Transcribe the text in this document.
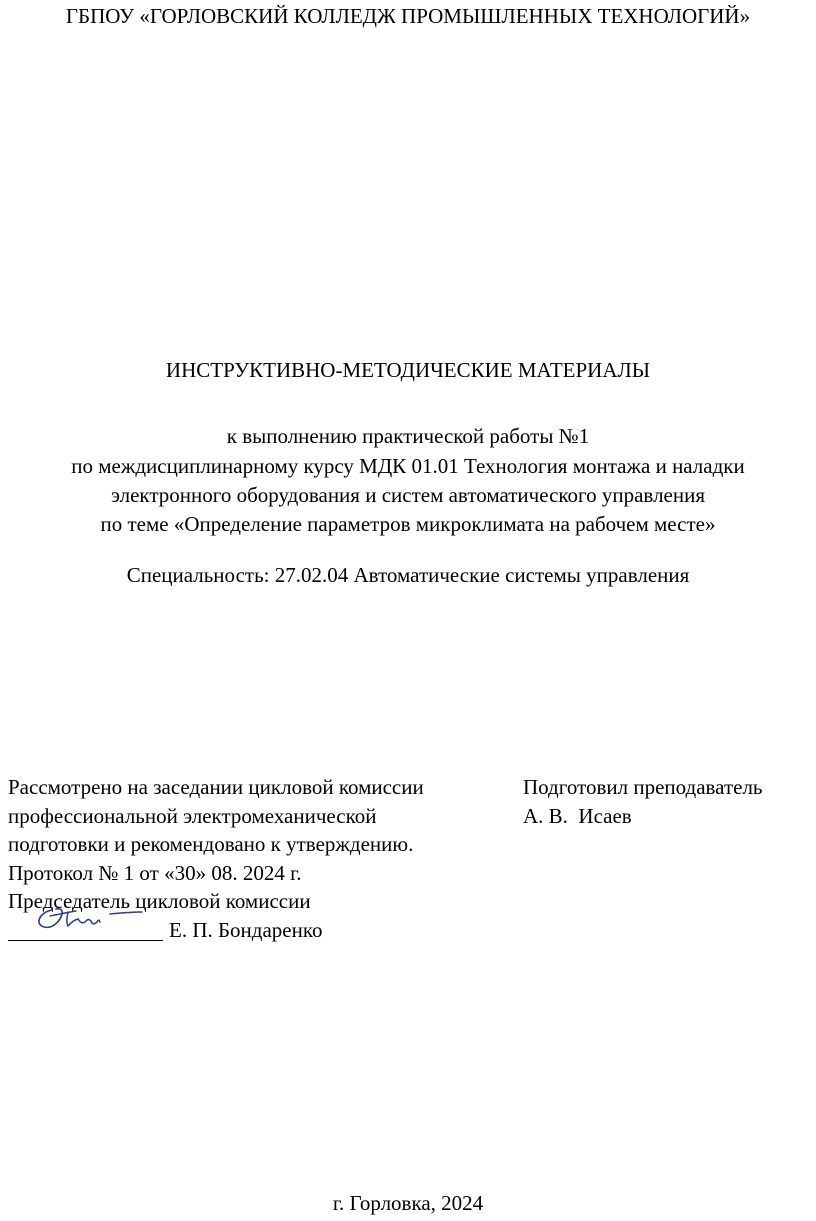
ГБПОУ «ГОРЛОВСКИЙ КОЛЛЕДЖ ПРОМЫШЛЕННЫХ ТЕХНОЛОГИЙ»
ИНСТРУКТИВНО-МЕТОДИЧЕСКИЕ МАТЕРИАЛЫ
к выполнению практической работы №1
по междисциплинарному курсу МДК 01.01 Технология монтажа и наладки
электронного оборудования и систем автоматического управления
по теме «Определение параметров микроклимата на рабочем месте»
Специальность: 27.02.04 Автоматические системы управления
Рассмотрено на заседании цикловой комиссии
профессиональной электромеханической
подготовки и рекомендовано к утверждению.
Протокол № 1 от «30» 08. 2024 г.
Председатель цикловой комиссии
Е. П. Бондаренко
Подготовил преподаватель
А. В.  Исаев
г. Горловка, 2024
